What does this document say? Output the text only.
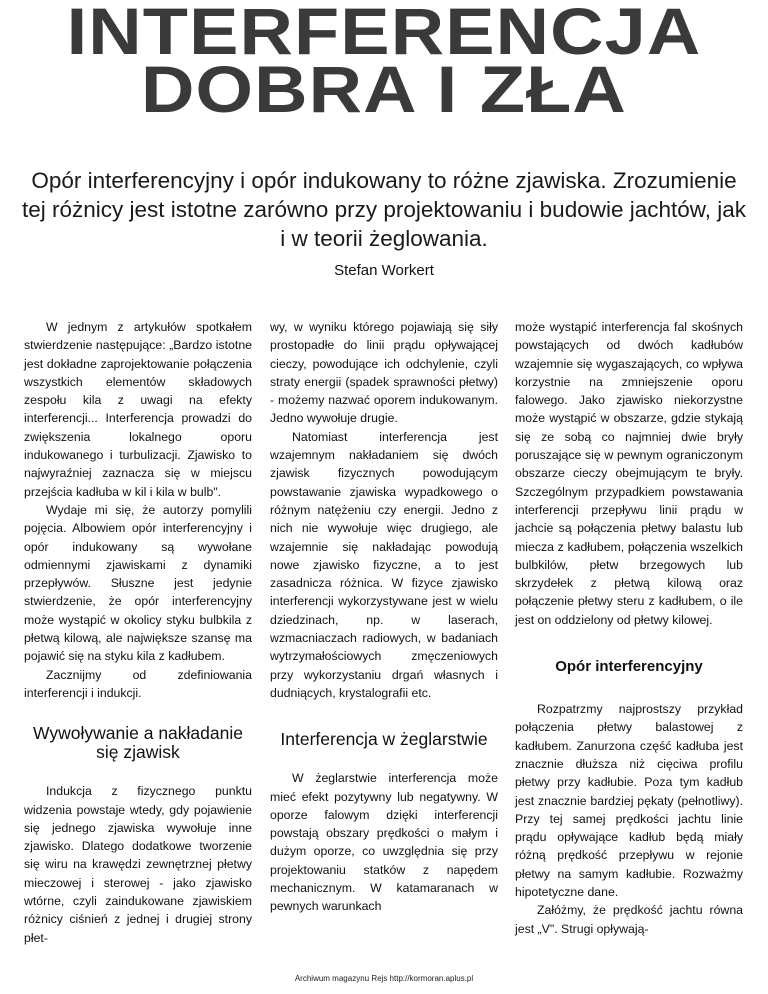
INTERFERENCJA
DOBRA I ZŁA
Opór interferencyjny i opór indukowany to różne zjawiska. Zrozumienie tej różnicy jest istotne zarówno przy projektowaniu i budowie jachtów, jak i w teorii żeglowania.
Stefan Workert

W jednym z artykułów spotkałem stwierdzenie następujące: „Bardzo istotne jest dokładne zaprojektowanie połączenia wszystkich elementów składowych zespołu kila z uwagi na efekty interferencji... Interferencja prowadzi do zwiększenia lokalnego oporu indukowanego i turbulizacji. Zjawisko to najwyraźniej zaznacza się w miejscu przejścia kadłuba w kil i kila w bulb".

Wydaje mi się, że autorzy pomylili pojęcia. Albowiem opór interferencyjny i opór indukowany są wywołane odmiennymi zjawiskami z dynamiki przepływów. Słuszne jest jedynie stwierdzenie, że opór interferencyjny może wystąpić w okolicy styku bulbkila z płetwą kilową, ale największe szansę ma pojawić się na styku kila z kadłubem.

Zacznijmy od zdefiniowania interferencji i indukcji.

Wywoływanie a nakładanie się zjawisk

Indukcja z fizycznego punktu widzenia powstaje wtedy, gdy pojawienie się jednego zjawiska wywołuje inne zjawisko. Dlatego dodatkowe tworzenie się wiru na krawędzi zewnętrznej płetwy mieczowej i sterowej - jako zjawisko wtórne, czyli zaindukowane zjawiskiem różnicy ciśnień z jednej i drugiej strony płet-

wy, w wyniku którego pojawiają się siły prostopadłe do linii prądu opływającej cieczy, powodujące ich odchylenie, czyli straty energii (spadek sprawności płetwy) - możemy nazwać oporem indukowanym. Jedno wywołuje drugie.

Natomiast interferencja jest wzajemnym nakładaniem się dwóch zjawisk fizycznych powodującym powstawanie zjawiska wypadkowego o różnym natężeniu czy energii. Jedno z nich nie wywołuje więc drugiego, ale wzajemnie się nakładając powodują nowe zjawisko fizyczne, a to jest zasadnicza różnica. W fizyce zjawisko interferencji wykorzystywane jest w wielu dziedzinach, np. w laserach, wzmacniaczach radiowych, w badaniach wytrzymałościowych zmęczeniowych przy wykorzystaniu drgań własnych i dudniących, krystalografii etc.

Interferencja w żeglarstwie

W żeglarstwie interferencja może mieć efekt pozytywny lub negatywny. W oporze falowym dzięki interferencji powstają obszary prędkości o małym i dużym oporze, co uwzględnia się przy projektowaniu statków z napędem mechanicznym. W katamaranach w pewnych warunkach

może wystąpić interferencja fal skośnych powstających od dwóch kadłubów wzajemnie się wygaszających, co wpływa korzystnie na zmniejszenie oporu falowego. Jako zjawisko niekorzystne może wystąpić w obszarze, gdzie stykają się ze sobą co najmniej dwie bryły poruszające się w pewnym ograniczonym obszarze cieczy obejmującym te bryły. Szczególnym przypadkiem powstawania interferencji przepływu linii prądu w jachcie są połączenia płetwy balastu lub miecza z kadłubem, połączenia wszelkich bulbkilów, płetw brzegowych lub skrzydełek z płetwą kilową oraz połączenie płetwy steru z kadłubem, o ile jest on oddzielony od płetwy kilowej.

Opór interferencyjny

Rozpatrzmy najprostszy przykład połączenia płetwy balastowej z kadłubem. Zanurzona część kadłuba jest znacznie dłuższa niż cięciwa profilu płetwy przy kadłubie. Poza tym kadłub jest znacznie bardziej pękaty (pełnotliwy). Przy tej samej prędkości jachtu linie prądu opływające kadłub będą miały różną prędkość przepływu w rejonie płetwy na samym kadłubie. Rozważmy hipotetyczne dane.

Załóżmy, że prędkość jachtu równa jest „V". Strugi opływają-

Archiwum magazynu Rejs http://kormoran.aplus.pl
